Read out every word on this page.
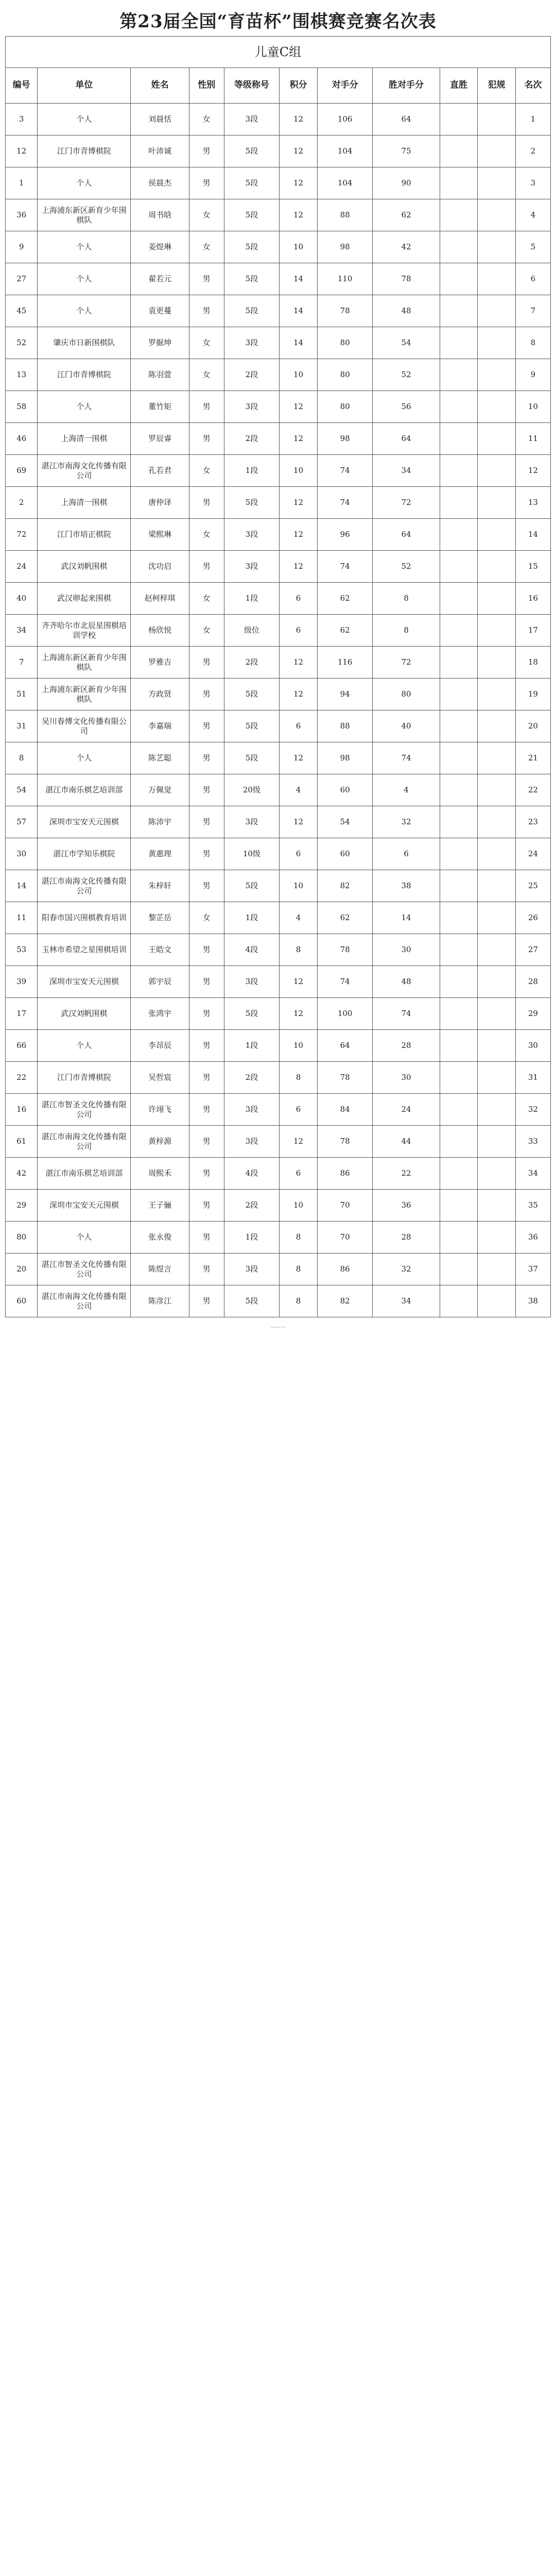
第23届全国“育苗杯”围棋赛竞赛名次表
儿童C组										
编号	单位	姓名	性别	等级称号	积分	对手分	胜对手分	直胜	犯规	名次
3	个人	刘晨恬	女	3段	12	106	64			1
12	江门市青博棋院	叶沛诚	男	5段	12	104	75			2
1	个人	侯晨杰	男	5段	12	104	90			3
36	上海浦东新区新育少年围棋队	周书晗	女	5段	12	88	62			4
9	个人	姜煜琳	女	5段	10	98	42			5
27	个人	翟若元	男	5段	14	110	78			6
45	个人	袁更蔓	男	5段	14	78	48			7
52	肇庆市日新围棋队	罗掘坤	女	3段	14	80	54			8
13	江门市青博棋院	陈羽萱	女	2段	10	80	52			9
58	个人	董竹矩	男	3段	12	80	56			10
46	上海清一围棋	罗辰睿	男	2段	12	98	64			11
69	湛江市南海文化传播有限公司	孔若君	女	1段	10	74	34			12
2	上海清一围棋	唐仲译	男	5段	12	74	72			13
72	江门市培正棋院	梁熙琳	女	3段	12	96	64			14
24	武汉刘帆围棋	沈功启	男	3段	12	74	52			15
40	武汉卵起来围棋	赵柯梓琪	女	1段	6	62	8			16
34	齐齐哈尔市北辰星围棋培训学校	杨欣悦	女	级位	6	62	8			17
7	上海浦东新区新育少年围棋队	罗雅吉	男	2段	12	116	72			18
51	上海浦东新区新育少年围棋队	方政贤	男	5段	12	94	80			19
31	吴川春博文化传播有限公司	李嘉瑞	男	5段	6	88	40			20
8	个人	陈艺聪	男	5段	12	98	74			21
54	湛江市南乐棋艺培训部	万佩觉	男	20级	4	60	4			22
57	深圳市宝安天元围棋	陈沛宇	男	3段	12	54	32			23
30	湛江市学知乐棋院	黄惠理	男	10级	6	60	6			24
14	湛江市南海文化传播有限公司	朱梓轩	男	5段	10	82	38			25
11	阳春市国兴围棋教育培训	黎芷岳	女	1段	4	62	14			26
53	玉林市希望之星围棋培训	王皓文	男	4段	8	78	30			27
39	深圳市宝安天元围棋	郭宇辰	男	3段	12	74	48			28
17	武汉刘帆围棋	张鸿宇	男	5段	12	100	74			29
66	个人	李昂辰	男	1段	10	64	28			30
22	江门市青博棋院	吴哲宸	男	2段	8	78	30			31
16	湛江市智圣文化传播有限公司	许翊飞	男	3段	6	84	24			32
61	湛江市南海文化传播有限公司	黄梓源	男	3段	12	78	44			33
42	湛江市南乐棋艺培训部	周熙禾	男	4段	6	86	22			34
29	深圳市宝安天元围棋	王子骊	男	2段	10	70	36			35
80	个人	张永俊	男	1段	8	70	28			36
20	湛江市智圣文化传播有限公司	陈煜言	男	3段	8	86	32			37
60	湛江市南海文化传播有限公司	陈彦江	男	5段	8	82	34			38
……
